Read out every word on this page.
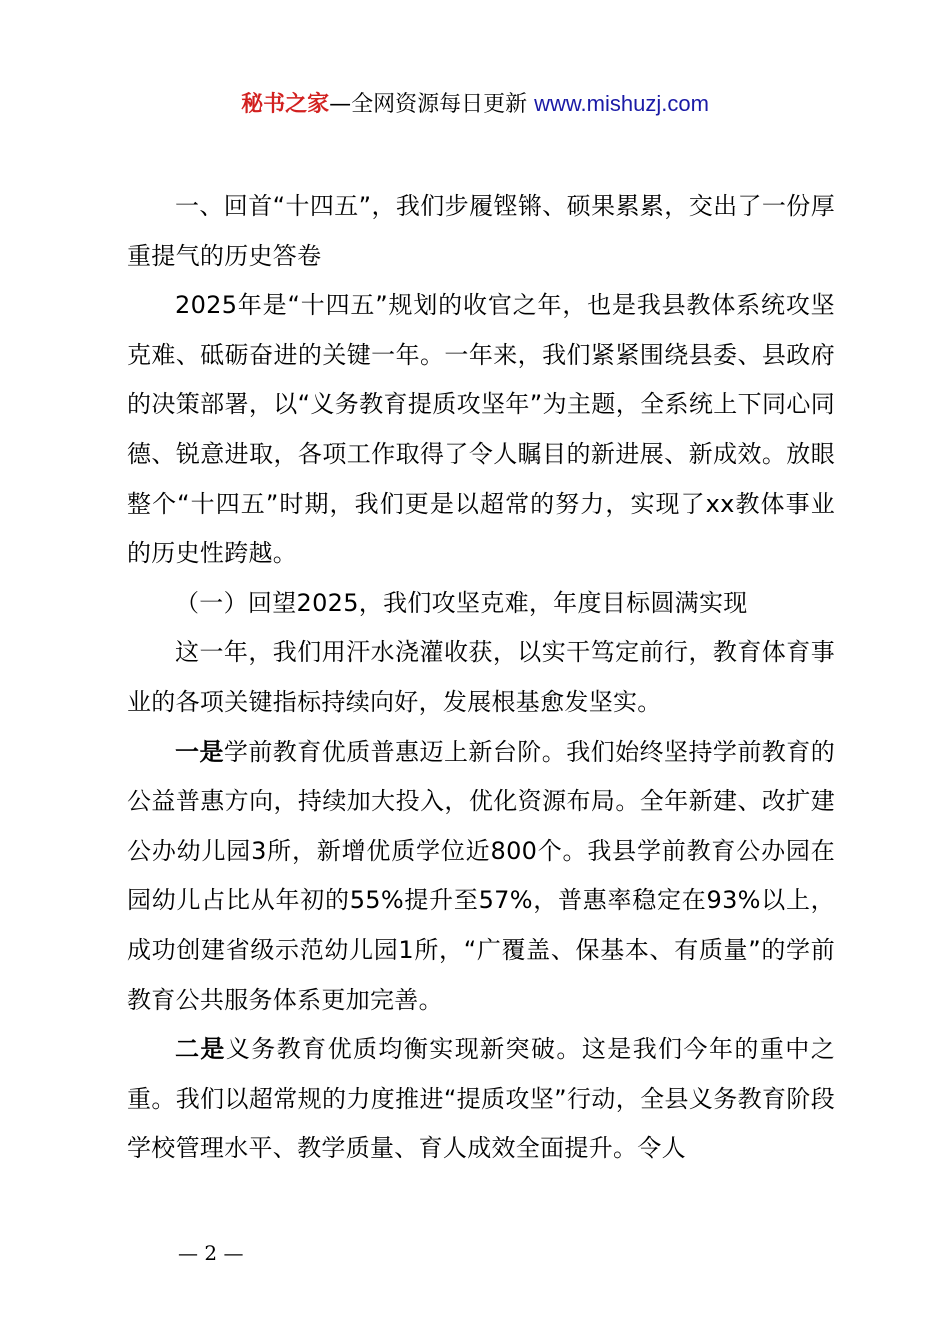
秘书之家—全网资源每日更新 www.mishuzj.com

一、回首“十四五”，我们步履铿锵、硕果累累，交出了一份厚重提气的历史答卷

2025年是“十四五”规划的收官之年，也是我县教体系统攻坚克难、砥砺奋进的关键一年。一年来，我们紧紧围绕县委、县政府的决策部署，以“义务教育提质攻坚年”为主题，全系统上下同心同德、锐意进取，各项工作取得了令人瞩目的新进展、新成效。放眼整个“十四五”时期，我们更是以超常的努力，实现了xx教体事业的历史性跨越。

（一）回望2025，我们攻坚克难，年度目标圆满实现

这一年，我们用汗水浇灌收获，以实干笃定前行，教育体育事业的各项关键指标持续向好，发展根基愈发坚实。

一是学前教育优质普惠迈上新台阶。我们始终坚持学前教育的公益普惠方向，持续加大投入，优化资源布局。全年新建、改扩建公办幼儿园3所，新增优质学位近800个。我县学前教育公办园在园幼儿占比从年初的55%提升至57%，普惠率稳定在93%以上，成功创建省级示范幼儿园1所，“广覆盖、保基本、有质量”的学前教育公共服务体系更加完善。

二是义务教育优质均衡实现新突破。这是我们今年的重中之重。我们以超常规的力度推进“提质攻坚”行动，全县义务教育阶段学校管理水平、教学质量、育人成效全面提升。令人

— 2 —
